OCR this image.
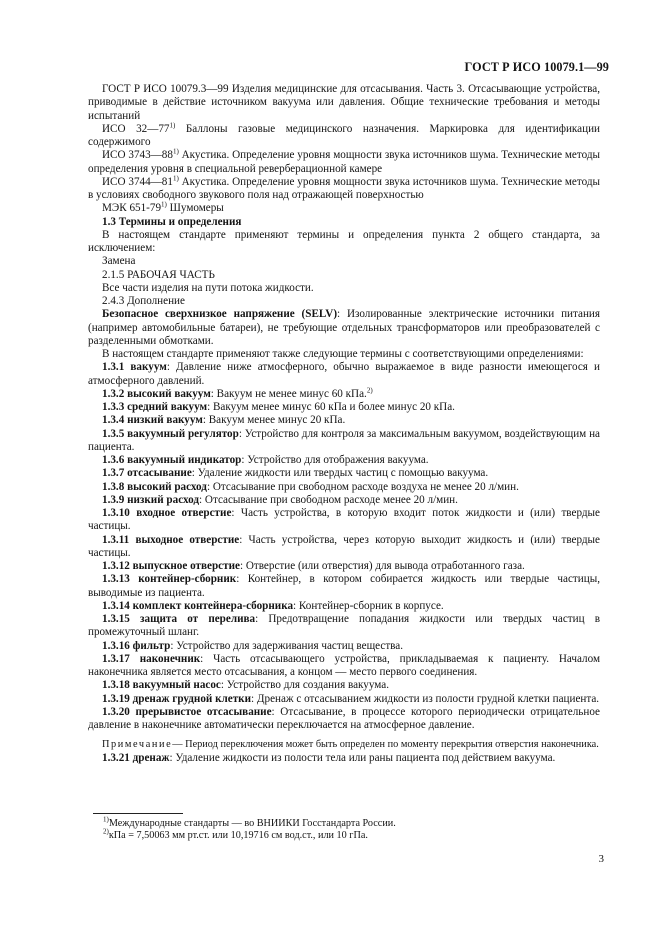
ГОСТ Р ИСО 10079.1—99

ГОСТ Р ИСО 10079.3—99 Изделия медицинские для отсасывания. Часть 3. Отсасывающие устройства, приводимые в действие источником вакуума или давления. Общие технические требования и методы испытаний

ИСО 32—77$^{1)}$ Баллоны газовые медицинского назначения. Маркировка для идентификации содержимого

ИСО 3743—88$^{1)}$ Акустика. Определение уровня мощности звука источников шума. Технические методы определения уровня в специальной реверберационной камере

ИСО 3744—81$^{1)}$ Акустика. Определение уровня мощности звука источников шума. Технические методы в условиях свободного звукового поля над отражающей поверхностью

МЭК 651-79$^{1)}$ Шумомеры

1.3 Термины и определения

В настоящем стандарте применяют термины и определения пункта 2 общего стандарта, за исключением:

Замена

2.1.5 РАБОЧАЯ ЧАСТЬ

Все части изделия на пути потока жидкости.

2.4.3 Дополнение

Безопасное сверхнизкое напряжение (SELV): Изолированные электрические источники питания (например автомобильные батареи), не требующие отдельных трансформаторов или преобразователей с разделенными обмотками.

В настоящем стандарте применяют также следующие термины с соответствующими определениями:

1.3.1 вакуум: Давление ниже атмосферного, обычно выражаемое в виде разности имеющегося и атмосферного давлений.

1.3.2 высокий вакуум: Вакуум не менее минус 60 кПа.$^{2)}$

1.3.3 средний вакуум: Вакуум менее минус 60 кПа и более минус 20 кПа.

1.3.4 низкий вакуум: Вакуум менее минус 20 кПа.

1.3.5 вакуумный регулятор: Устройство для контроля за максимальным вакуумом, воздействующим на пациента.

1.3.6 вакуумный индикатор: Устройство для отображения вакуума.

1.3.7 отсасывание: Удаление жидкости или твердых частиц с помощью вакуума.

1.3.8 высокий расход: Отсасывание при свободном расходе воздуха не менее 20 л/мин.

1.3.9 низкий расход: Отсасывание при свободном расходе менее 20 л/мин.

1.3.10 входное отверстие: Часть устройства, в которую входит поток жидкости и (или) твердые частицы.

1.3.11 выходное отверстие: Часть устройства, через которую выходит жидкость и (или) твердые частицы.

1.3.12 выпускное отверстие: Отверстие (или отверстия) для вывода отработанного газа.

1.3.13 контейнер-сборник: Контейнер, в котором собирается жидкость или твердые частицы, выводимые из пациента.

1.3.14 комплект контейнера-сборника: Контейнер-сборник в корпусе.

1.3.15 защита от перелива: Предотвращение попадания жидкости или твердых частиц в промежуточный шланг.

1.3.16 фильтр: Устройство для задерживания частиц вещества.

1.3.17 наконечник: Часть отсасывающего устройства, прикладываемая к пациенту. Началом наконечника является место отсасывания, а концом — место первого соединения.

1.3.18 вакуумный насос: Устройство для создания вакуума.

1.3.19 дренаж грудной клетки: Дренаж с отсасыванием жидкости из полости грудной клетки пациента.

1.3.20 прерывистое отсасывание: Отсасывание, в процессе которого периодически отрицательное давление в наконечнике автоматически переключается на атмосферное давление.

Примечание— Период переключения может быть определен по моменту перекрытия отверстия наконечника.

1.3.21 дренаж: Удаление жидкости из полости тела или раны пациента под действием вакуума.

$^{1)}$Международные стандарты — во ВНИИКИ Госстандарта России.
$^{2)}$кПа = 7,50063 мм рт.ст. или 10,19716 см вод.ст., или 10 гПа.
3
